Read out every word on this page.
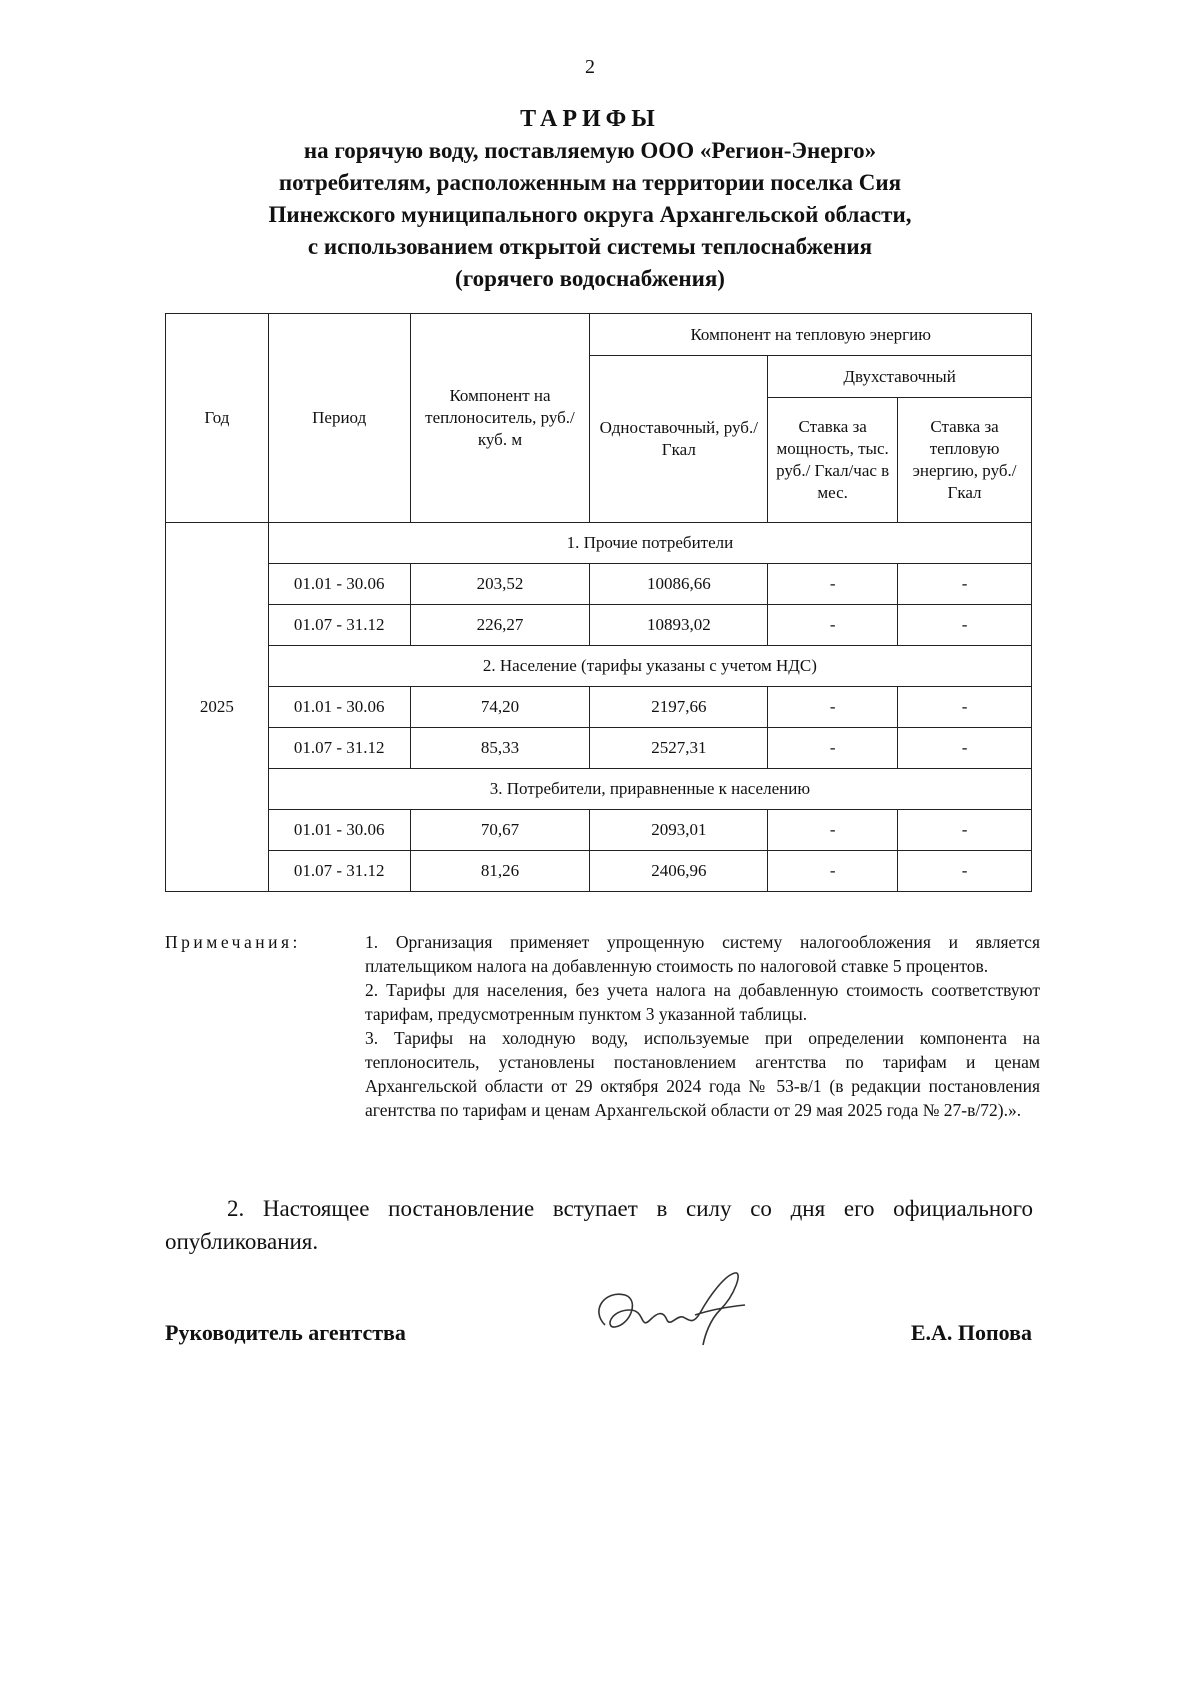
2
ТАРИФЫ
на горячую воду, поставляемую ООО «Регион-Энерго»
потребителям, расположенным на территории поселка Сия
Пинежского муниципального округа Архангельской области,
с использованием открытой системы теплоснабжения
(горячего водоснабжения)
Год	Период	Компонент на теплоноситель, руб./куб. м	Компонент на тепловую энергию		
			Одноставочный, руб./Гкал	Двухставочный	
				Ставка за мощность, тыс. руб./ Гкал/час в мес.	Ставка за тепловую энергию, руб./Гкал
2025	1. Прочие потребители				
	01.01 - 30.06	203,52	10086,66	-	-
	01.07 - 31.12	226,27	10893,02	-	-
	2. Население (тарифы указаны с учетом НДС)				
	01.01 - 30.06	74,20	2197,66	-	-
	01.07 - 31.12	85,33	2527,31	-	-
	3. Потребители, приравненные к населению				
	01.01 - 30.06	70,67	2093,01	-	-
	01.07 - 31.12	81,26	2406,96	-	-
Примечания:	1. Организация применяет упрощенную систему налогообложения и является плательщиком налога на добавленную стоимость по налоговой ставке 5 процентов.
2. Тарифы для населения, без учета налога на добавленную стоимость соответствуют тарифам, предусмотренным пунктом 3 указанной таблицы.
3. Тарифы на холодную воду, используемые при определении компонента на теплоноситель, установлены постановлением агентства по тарифам и ценам Архангельской области от 29 октября 2024 года № 53-в/1 (в редакции постановления агентства по тарифам и ценам Архангельской области от 29 мая 2025 года № 27-в/72).».
2. Настоящее постановление вступает в силу со дня его официального опубликования.
Руководитель агентства	Е.А. Попова
